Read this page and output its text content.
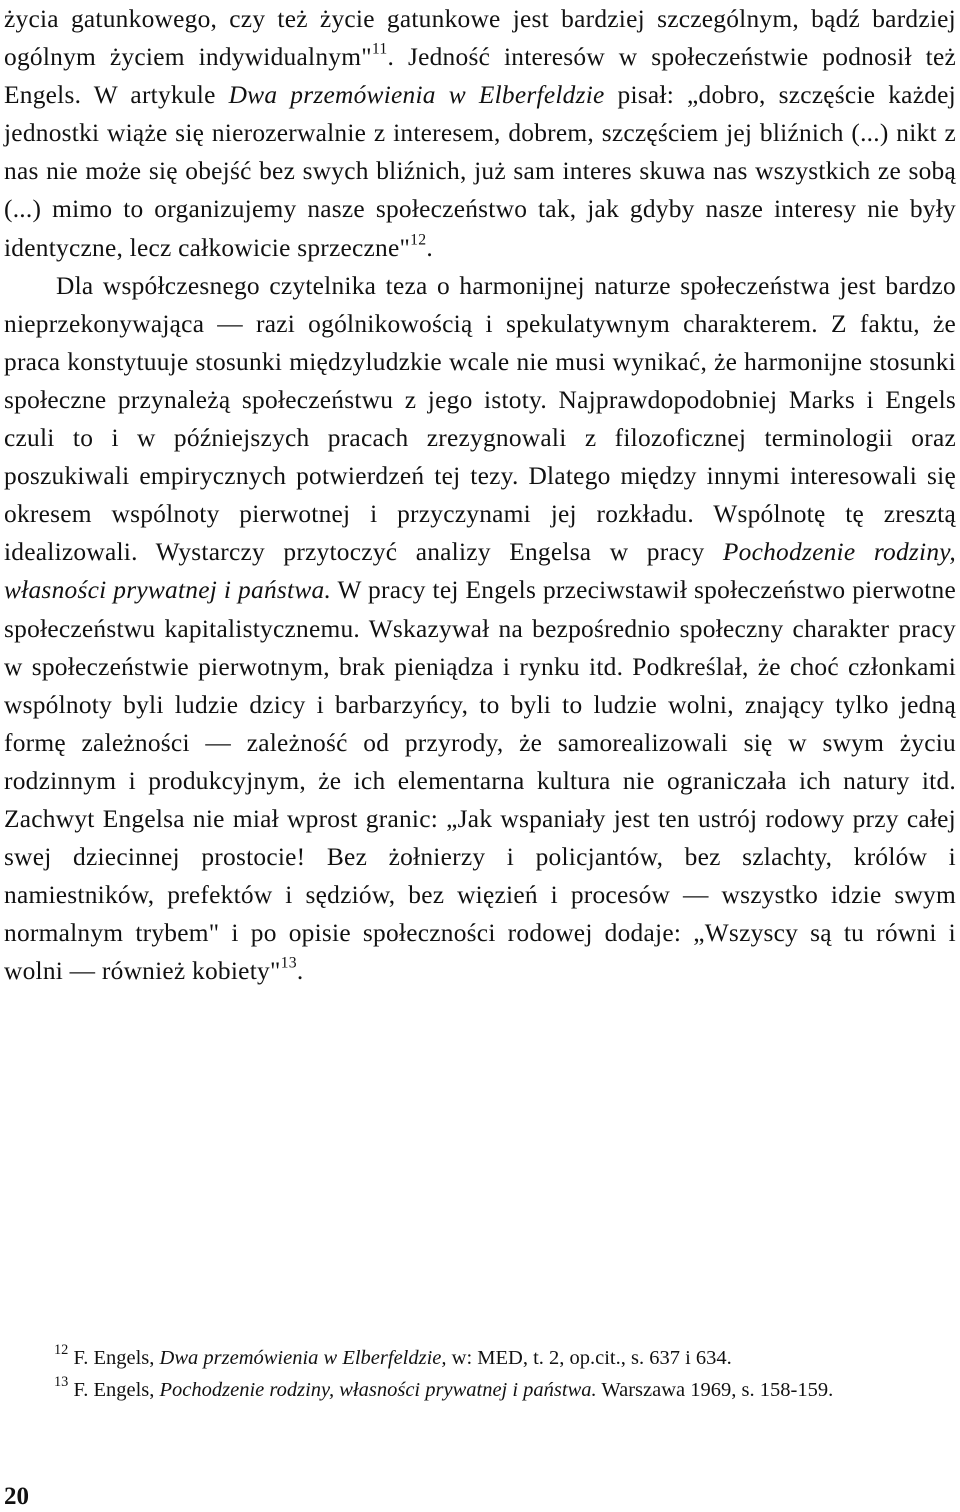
życia gatunkowego, czy też życie gatunkowe jest bardziej szczególnym, bądź bardziej ogólnym życiem indywidualnym"$^{11}$. Jedność interesów w społeczeństwie podnosił też Engels. W artykule Dwa przemówienia w Elberfeldzie pisał: „dobro, szczęście każdej jednostki wiąże się nierozerwalnie z interesem, dobrem, szczęściem jej bliźnich (...) nikt z nas nie może się obejść bez swych bliźnich, już sam interes skuwa nas wszystkich ze sobą (...) mimo to organizujemy nasze społeczeństwo tak, jak gdyby nasze interesy nie były identyczne, lecz całkowicie sprzeczne"$^{12}$.

Dla współczesnego czytelnika teza o harmonijnej naturze społeczeństwa jest bardzo nieprzekonywająca — razi ogólnikowością i spekulatywnym charakterem. Z faktu, że praca konstytuuje stosunki międzyludzkie wcale nie musi wynikać, że harmonijne stosunki społeczne przynależą społeczeństwu z jego istoty. Najprawdopodobniej Marks i Engels czuli to i w późniejszych pracach zrezygnowali z filozoficznej terminologii oraz poszukiwali empirycznych potwierdzeń tej tezy. Dlatego między innymi interesowali się okresem wspólnoty pierwotnej i przyczynami jej rozkładu. Wspólnotę tę zresztą idealizowali. Wystarczy przytoczyć analizy Engelsa w pracy Pochodzenie rodziny, własności prywatnej i państwa. W pracy tej Engels przeciwstawił społeczeństwo pierwotne społeczeństwu kapitalistycznemu. Wskazywał na bezpośrednio społeczny charakter pracy w społeczeństwie pierwotnym, brak pieniądza i rynku itd. Podkreślał, że choć członkami wspólnoty byli ludzie dzicy i barbarzyńcy, to byli to ludzie wolni, znający tylko jedną formę zależności — zależność od przyrody, że samorealizowali się w swym życiu rodzinnym i produkcyjnym, że ich elementarna kultura nie ograniczała ich natury itd. Zachwyt Engelsa nie miał wprost granic: „Jak wspaniały jest ten ustrój rodowy przy całej swej dziecinnej prostocie! Bez żołnierzy i policjantów, bez szlachty, królów i namiestników, prefektów i sędziów, bez więzień i procesów — wszystko idzie swym normalnym trybem" i po opisie społeczności rodowej dodaje: „Wszyscy są tu równi i wolni — również kobiety"$^{13}$.

$^{12}$ F. Engels, Dwa przemówienia w Elberfeldzie, w: MED, t. 2, op.cit., s. 637 i 634.

$^{13}$ F. Engels, Pochodzenie rodziny, własności prywatnej i państwa. Warszawa 1969, s. 158-159.

20
